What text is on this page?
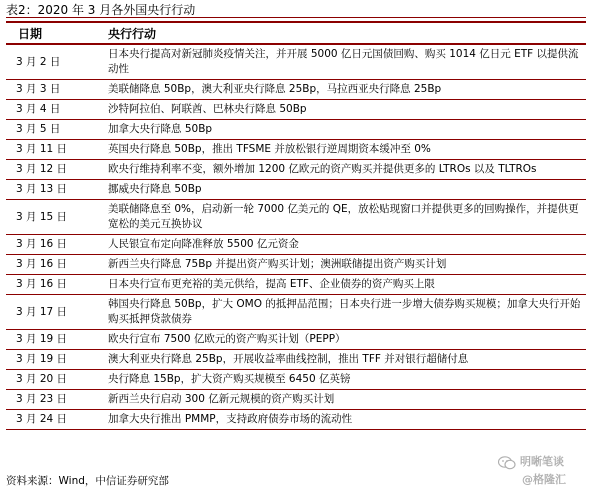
表2：2020 年 3 月各外国央行行动
日期	央行行动
3 月 2 日	日本央行提高对新冠肺炎疫情关注，并开展 5000 亿日元国债回购、购买 1014 亿日元 ETF 以提供流动性
3 月 3 日	美联储降息 50Bp，澳大利亚央行降息 25Bp，马拉西亚央行降息 25Bp
3 月 4 日	沙特阿拉伯、阿联酋、巴林央行降息 50Bp
3 月 5 日	加拿大央行降息 50Bp
3 月 11 日	英国央行降息 50Bp，推出 TFSME 并放松银行逆周期资本缓冲至 0%
3 月 12 日	欧央行维持利率不变，额外增加 1200 亿欧元的资产购买并提供更多的 LTROs 以及 TLTROs
3 月 13 日	挪威央行降息 50Bp
3 月 15 日	美联储降息至 0%，启动新一轮 7000 亿美元的 QE，放松贴现窗口并提供更多的回购操作，并提供更宽松的美元互换协议
3 月 16 日	人民银宣布定向降准释放 5500 亿元资金
3 月 16 日	新西兰央行降息 75Bp 并提出资产购买计划；澳洲联储提出资产购买计划
3 月 16 日	日本央行宣布更充裕的美元供给，提高 ETF、企业债券的资产购买上限
3 月 17 日	韩国央行降息 50Bp，扩大 OMO 的抵押品范围；日本央行进一步增大债券购买规模；加拿大央行开始购买抵押贷款债券
3 月 19 日	欧央行宣布 7500 亿欧元的资产购买计划（PEPP）
3 月 19 日	澳大利亚央行降息 25Bp，开展收益率曲线控制，推出 TFF 并对银行超储付息
3 月 20 日	央行降息 15Bp，扩大资产购买规模至 6450 亿英镑
3 月 23 日	新西兰央行启动 300 亿新元规模的资产购买计划
3 月 24 日	加拿大央行推出 PMMP，支持政府债券市场的流动性
资料来源：Wind，中信证券研究部
明晰笔谈
@格隆汇
